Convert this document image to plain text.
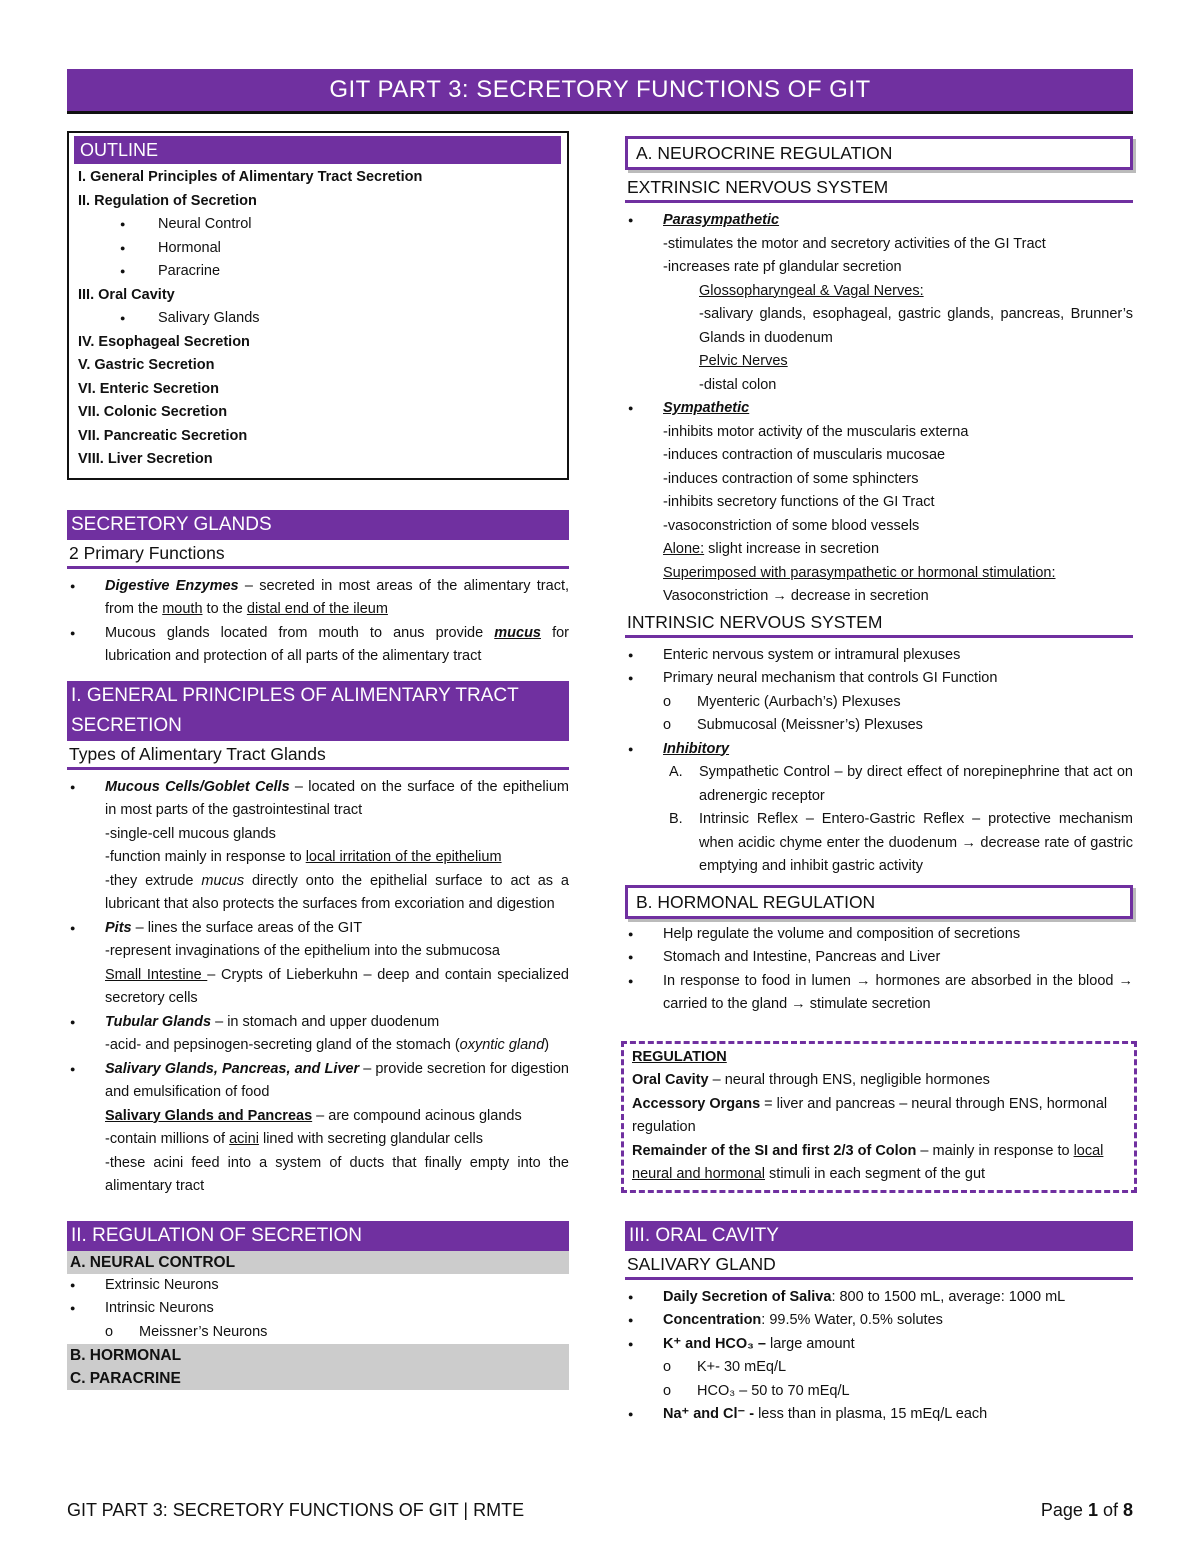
GIT PART 3: SECRETORY FUNCTIONS OF GIT
OUTLINE
I. General Principles of Alimentary Tract Secretion
II. Regulation of Secretion
● Neural Control
● Hormonal
● Paracrine
III. Oral Cavity
● Salivary Glands
IV. Esophageal Secretion
V. Gastric Secretion
VI. Enteric Secretion
VII. Colonic Secretion
VII. Pancreatic Secretion
VIII. Liver Secretion
SECRETORY GLANDS
2 Primary Functions
● Digestive Enzymes – secreted in most areas of the alimentary tract, from the mouth to the distal end of the ileum
● Mucous glands located from mouth to anus provide mucus for lubrication and protection of all parts of the alimentary tract
I. GENERAL PRINCIPLES OF ALIMENTARY TRACT SECRETION
Types of Alimentary Tract Glands
● Mucous Cells/Goblet Cells – located on the surface of the epithelium in most parts of the gastrointestinal tract
-single-cell mucous glands
-function mainly in response to local irritation of the epithelium
-they extrude mucus directly onto the epithelial surface to act as a lubricant that also protects the surfaces from excoriation and digestion
● Pits – lines the surface areas of the GIT
-represent invaginations of the epithelium into the submucosa
Small Intestine – Crypts of Lieberkuhn – deep and contain specialized secretory cells
● Tubular Glands – in stomach and upper duodenum
-acid- and pepsinogen-secreting gland of the stomach (oxyntic gland)
● Salivary Glands, Pancreas, and Liver – provide secretion for digestion and emulsification of food
Salivary Glands and Pancreas – are compound acinous glands
-contain millions of acini lined with secreting glandular cells
-these acini feed into a system of ducts that finally empty into the alimentary tract
II. REGULATION OF SECRETION
A. NEURAL CONTROL
● Extrinsic Neurons
● Intrinsic Neurons
o Meissner’s Neurons
B. HORMONAL
C. PARACRINE
A. NEUROCRINE REGULATION
EXTRINSIC NERVOUS SYSTEM
● Parasympathetic
-stimulates the motor and secretory activities of the GI Tract
-increases rate pf glandular secretion
Glossopharyngeal & Vagal Nerves:
-salivary glands, esophageal, gastric glands, pancreas, Brunner’s Glands in duodenum
Pelvic Nerves
-distal colon
● Sympathetic
-inhibits motor activity of the muscularis externa
-induces contraction of muscularis mucosae
-induces contraction of some sphincters
-inhibits secretory functions of the GI Tract
-vasoconstriction of some blood vessels
Alone: slight increase in secretion
Superimposed with parasympathetic or hormonal stimulation:
Vasoconstriction → decrease in secretion
INTRINSIC NERVOUS SYSTEM
● Enteric nervous system or intramural plexuses
● Primary neural mechanism that controls GI Function
o Myenteric (Aurbach’s) Plexuses
o Submucosal (Meissner’s) Plexuses
● Inhibitory
A. Sympathetic Control – by direct effect of norepinephrine that act on adrenergic receptor
B. Intrinsic Reflex – Entero-Gastric Reflex – protective mechanism when acidic chyme enter the duodenum → decrease rate of gastric emptying and inhibit gastric activity
B. HORMONAL REGULATION
● Help regulate the volume and composition of secretions
● Stomach and Intestine, Pancreas and Liver
● In response to food in lumen → hormones are absorbed in the blood → carried to the gland → stimulate secretion
REGULATION
Oral Cavity – neural through ENS, negligible hormones
Accessory Organs = liver and pancreas – neural through ENS, hormonal regulation
Remainder of the SI and first 2/3 of Colon – mainly in response to local neural and hormonal stimuli in each segment of the gut
III. ORAL CAVITY
SALIVARY GLAND
● Daily Secretion of Saliva: 800 to 1500 mL, average: 1000 mL
● Concentration: 99.5% Water, 0.5% solutes
● K⁺ and HCO₃ – large amount
o K+- 30 mEq/L
o HCO₃ – 50 to 70 mEq/L
● Na⁺ and Cl⁻ - less than in plasma, 15 mEq/L each
GIT PART 3: SECRETORY FUNCTIONS OF GIT | RMTE	Page 1 of 8
